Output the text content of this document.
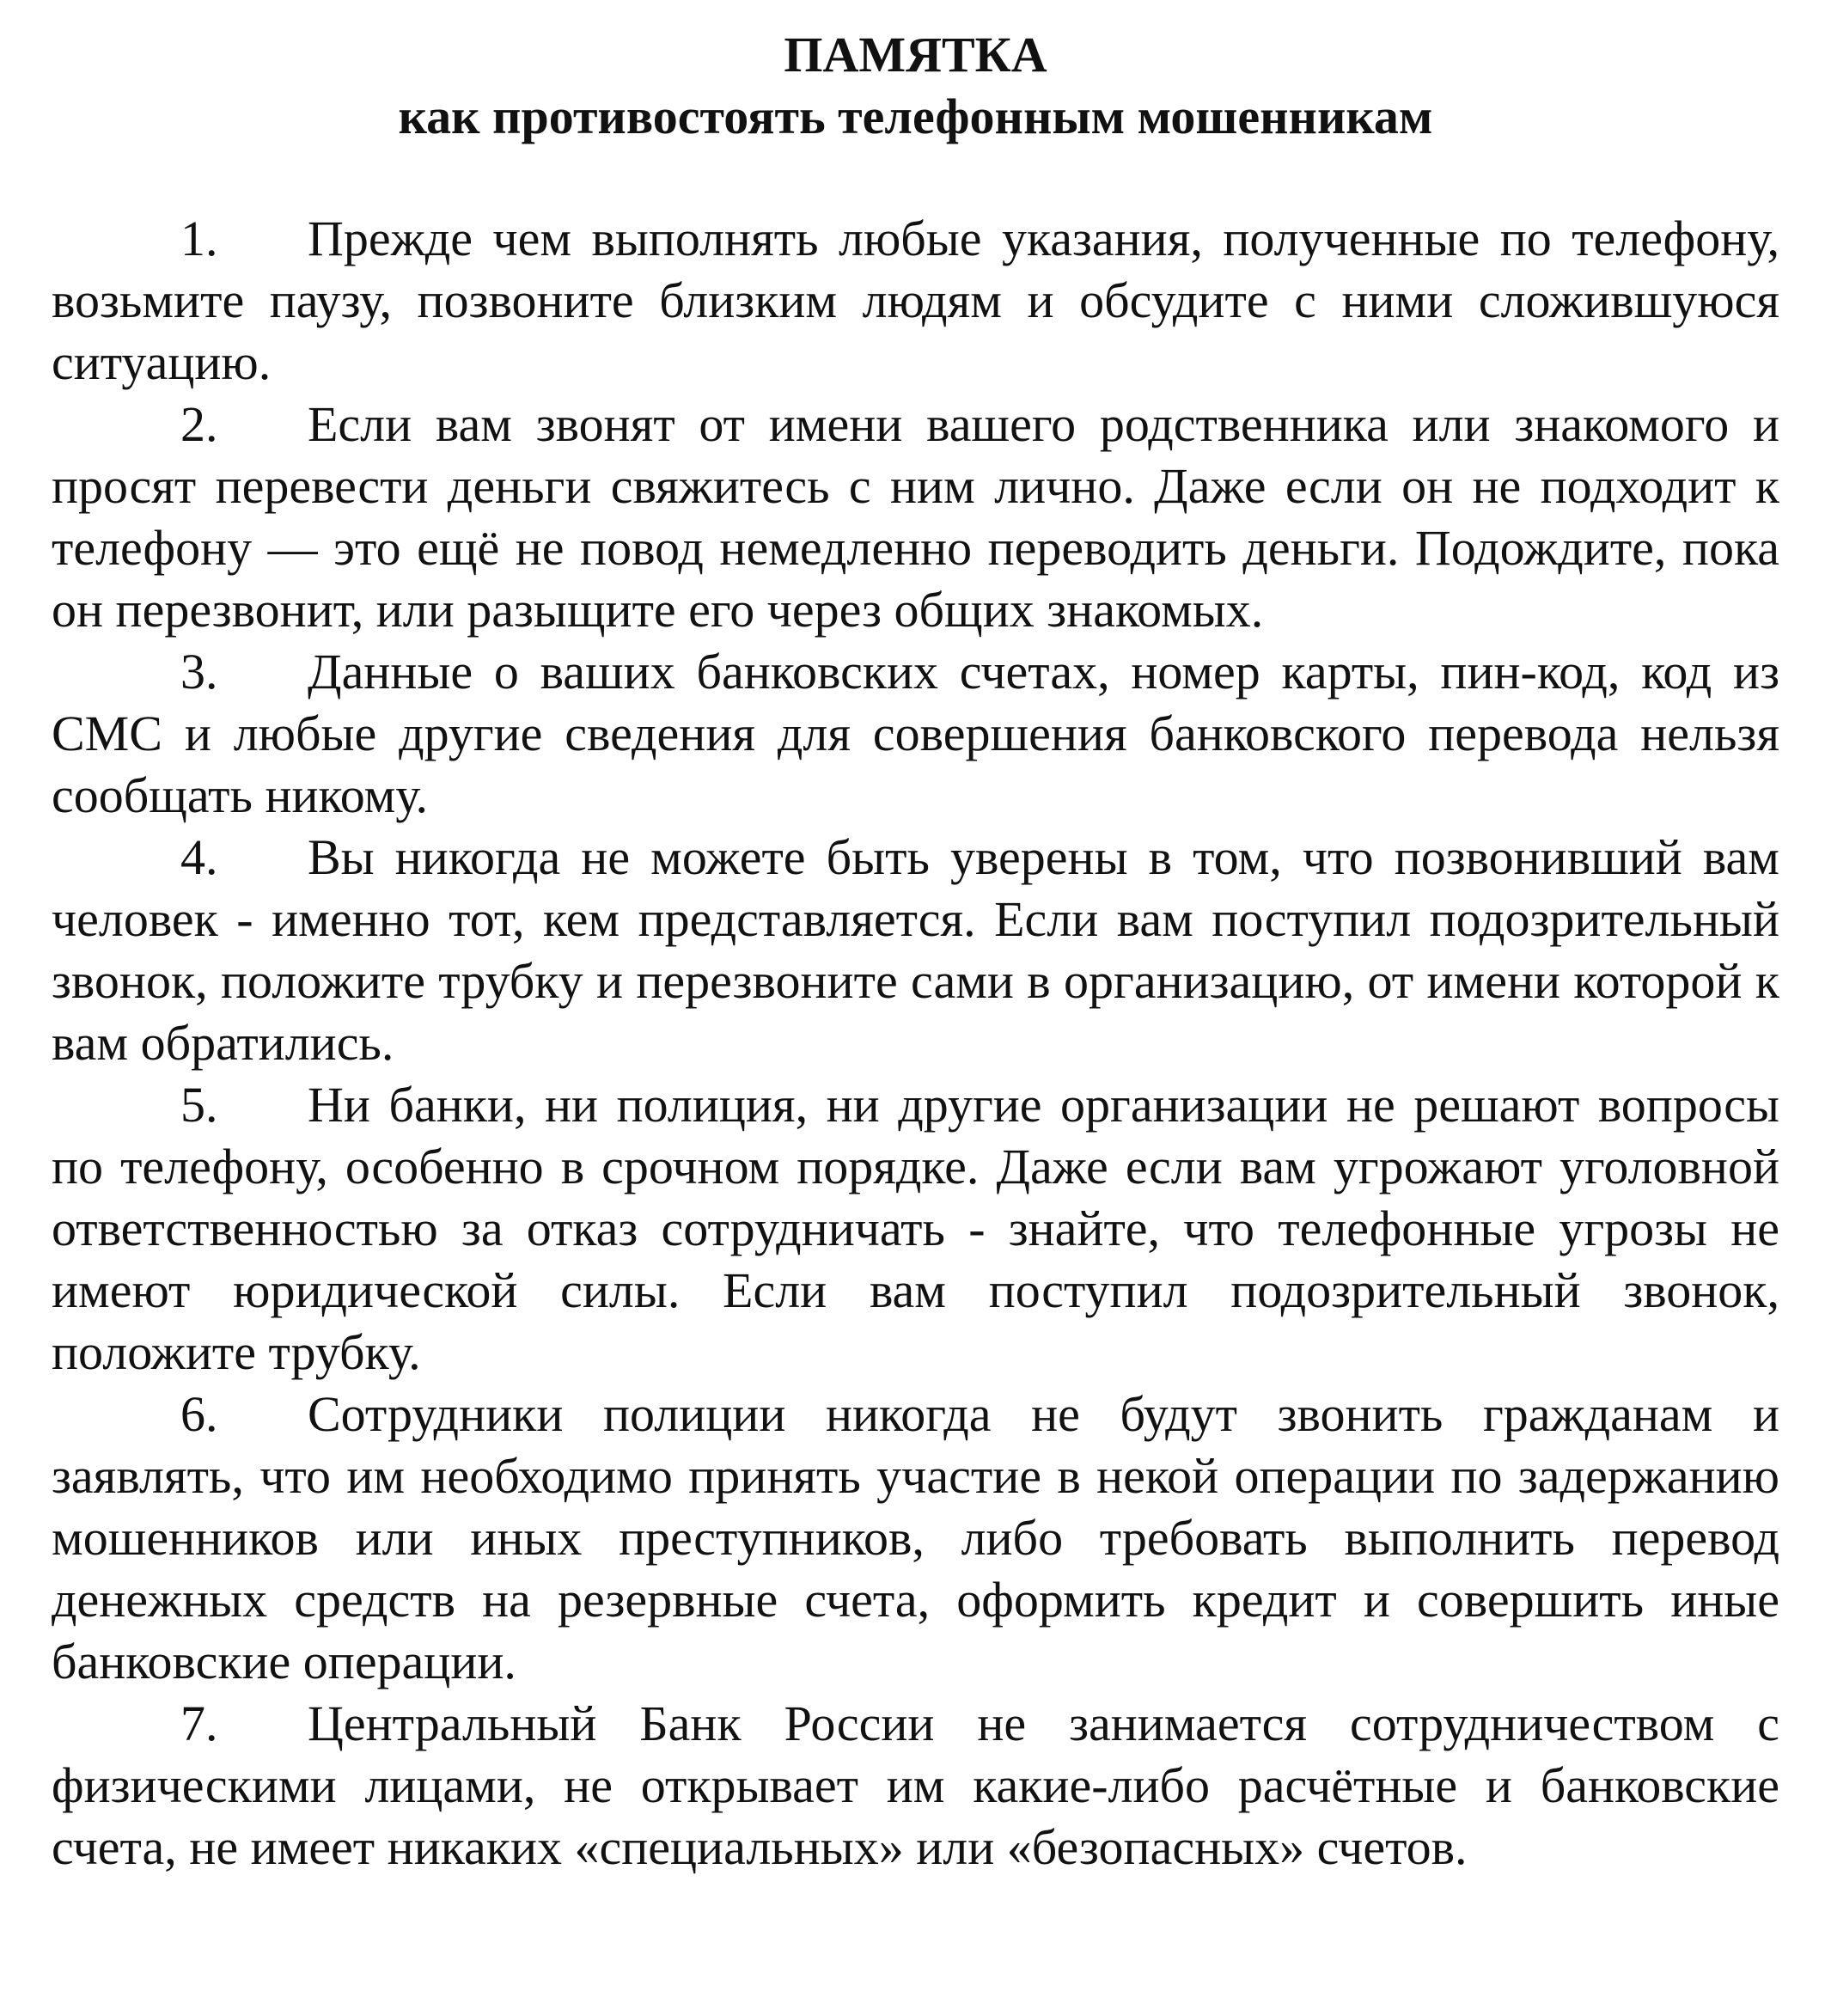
ПАМЯТКА

как противостоять телефонным мошенникам

1. Прежде чем выполнять любые указания, полученные по телефону, возьмите паузу, позвоните близким людям и обсудите с ними сложившуюся ситуацию.

2. Если вам звонят от имени вашего родственника или знакомого и просят перевести деньги свяжитесь с ним лично. Даже если он не подходит к телефону — это ещё не повод немедленно переводить деньги. Подождите, пока он перезвонит, или разыщите его через общих знакомых.

3. Данные о ваших банковских счетах, номер карты, пин-код, код из СМС и любые другие сведения для совершения банковского перевода нельзя сообщать никому.

4. Вы никогда не можете быть уверены в том, что позвонивший вам человек - именно тот, кем представляется. Если вам поступил подозрительный звонок, положите трубку и перезвоните сами в организацию, от имени которой к вам обратились.

5. Ни банки, ни полиция, ни другие организации не решают вопросы по телефону, особенно в срочном порядке. Даже если вам угрожают уголовной ответственностью за отказ сотрудничать - знайте, что телефонные угрозы не имеют юридической силы. Если вам поступил подозрительный звонок, положите трубку.

6. Сотрудники полиции никогда не будут звонить гражданам и заявлять, что им необходимо принять участие в некой операции по задержанию мошенников или иных преступников, либо требовать выполнить перевод денежных средств на резервные счета, оформить кредит и совершить иные банковские операции.

7. Центральный Банк России не занимается сотрудничеством с физическими лицами, не открывает им какие-либо расчётные и банковские счета, не имеет никаких «специальных» или «безопасных» счетов.
